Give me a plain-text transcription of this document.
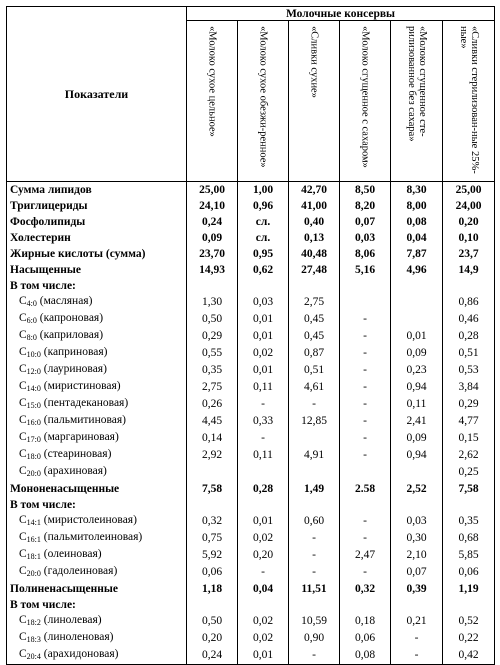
Показатели	Молочные консервы					

	«Молоко сухое цельное»	«Молоко сухое обезжи-ренное»	«Сливки сухие»	«Молоко сгущенное с сахаром»	«Молоко сгущенное сте-рилизованное без сахара»	«Сливки стерилизован-ные 25%-ные»

Сумма липидов	25,00	1,00	42,70	8,50	8,30	25,00
Триглицериды	24,10	0,96	41,00	8,20	8,00	24,00
Фосфолипиды	0,24	сл.	0,40	0,07	0,08	0,20
Холестерин	0,09	сл.	0,13	0,03	0,04	0,10
Жирные кислоты (сумма)	23,70	0,95	40,48	8,06	7,87	23,7
Насыщенные	14,93	0,62	27,48	5,16	4,96	14,9
В том числе:						
$C_{4:0}$ (масляная)	1,30	0,03	2,75			0,86
$C_{6:0}$ (капроновая)	0,50	0,01	0,45	-		0,46
$C_{8:0}$ (каприловая)	0,29	0,01	0,45	-	0,01	0,28
$C_{10:0}$ (каприновая)	0,55	0,02	0,87	-	0,09	0,51
$C_{12:0}$ (лауриновая)	0,35	0,01	0,51	-	0,23	0,53
$C_{14:0}$ (миристиновая)	2,75	0,11	4,61	-	0,94	3,84
$C_{15:0}$ (пентадекановая)	0,26	-	-	-	0,11	0,29
$C_{16:0}$ (пальмитиновая)	4,45	0,33	12,85	-	2,41	4,77
$C_{17:0}$ (маргариновая)	0,14	-		-	0,09	0,15
$C_{18:0}$ (стеариновая)	2,92	0,11	4,91	-	0,94	2,62
$C_{20:0}$ (арахиновая)						0,25
Мононенасыщенные	7,58	0,28	1,49	2.58	2,52	7,58
В том числе:						
$C_{14:1}$ (миристолеиновая)	0,32	0,01	0,60	-	0,03	0,35
$C_{16:1}$ (пальмитолеиновая)	0,75	0,02	-	-	0,30	0,68
$C_{18:1}$ (олеиновая)	5,92	0,20	-	2,47	2,10	5,85
$C_{20:0}$ (гадолеиновая)	0,06	-	-	-	0,07	0,06
Полиненасыщенные	1,18	0,04	11,51	0,32	0,39	1,19
В том числе:						
$C_{18:2}$ (линолевая)	0,50	0,02	10,59	0,18	0,21	0,52
$C_{18:3}$ (линоленовая)	0,20	0,02	0,90	0,06	-	0,22
$C_{20:4}$ (арахидоновая)	0,24	0,01	-	0,08	-	0,42
